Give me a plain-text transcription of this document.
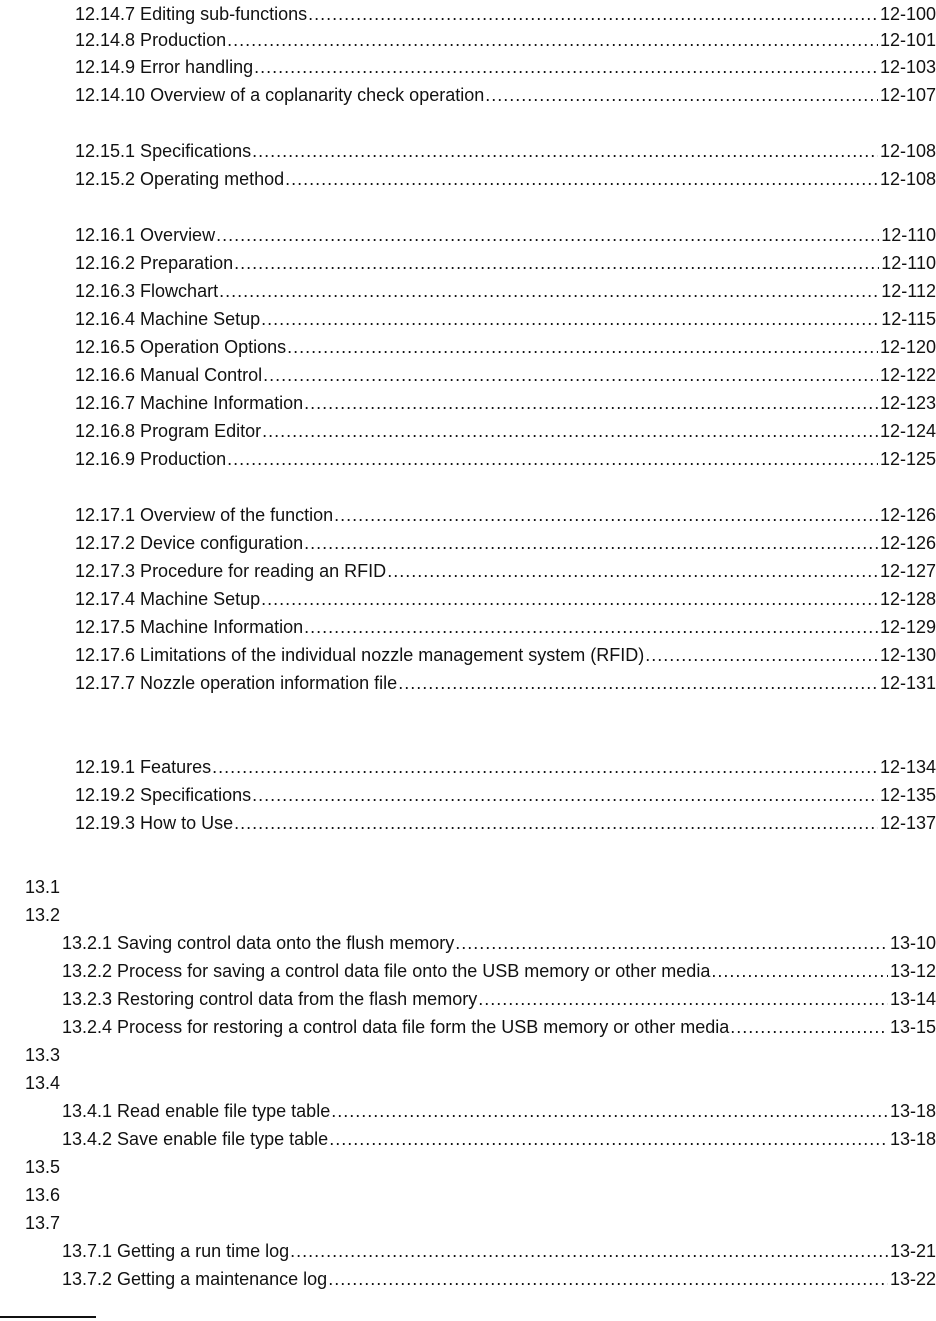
12.14.7 Editing sub-functions .....	12-100
12.14.8 Production .....	12-101
12.14.9 Error handling .....	12-103
12.14.10 Overview of a coplanarity check operation .....	12-107
12.15.1 Specifications .....	12-108
12.15.2 Operating method .....	12-108
12.16.1 Overview .....	12-110
12.16.2 Preparation .....	12-110
12.16.3 Flowchart .....	12-112
12.16.4 Machine Setup .....	12-115
12.16.5 Operation Options .....	12-120
12.16.6 Manual Control .....	12-122
12.16.7 Machine Information .....	12-123
12.16.8 Program Editor .....	12-124
12.16.9 Production .....	12-125
12.17.1 Overview of the function .....	12-126
12.17.2 Device configuration .....	12-126
12.17.3 Procedure for reading an RFID .....	12-127
12.17.4 Machine Setup .....	12-128
12.17.5 Machine Information .....	12-129
12.17.6 Limitations of the individual nozzle management system (RFID) .....	12-130
12.17.7 Nozzle operation information file .....	12-131
12.19.1 Features .....	12-134
12.19.2 Specifications .....	12-135
12.19.3 How to Use .....	12-137
13.1
13.2
13.2.1 Saving control data onto the flush memory .....	13-10
13.2.2 Process for saving a control data file onto the USB memory or other media .....	13-12
13.2.3 Restoring control data from the flash memory .....	13-14
13.2.4 Process for restoring a control data file form the USB memory or other media .....	13-15
13.3
13.4
13.4.1 Read enable file type table .....	13-18
13.4.2 Save enable file type table .....	13-18
13.5
13.6
13.7
13.7.1 Getting a run time log .....	13-21
13.7.2 Getting a maintenance log .....	13-22
